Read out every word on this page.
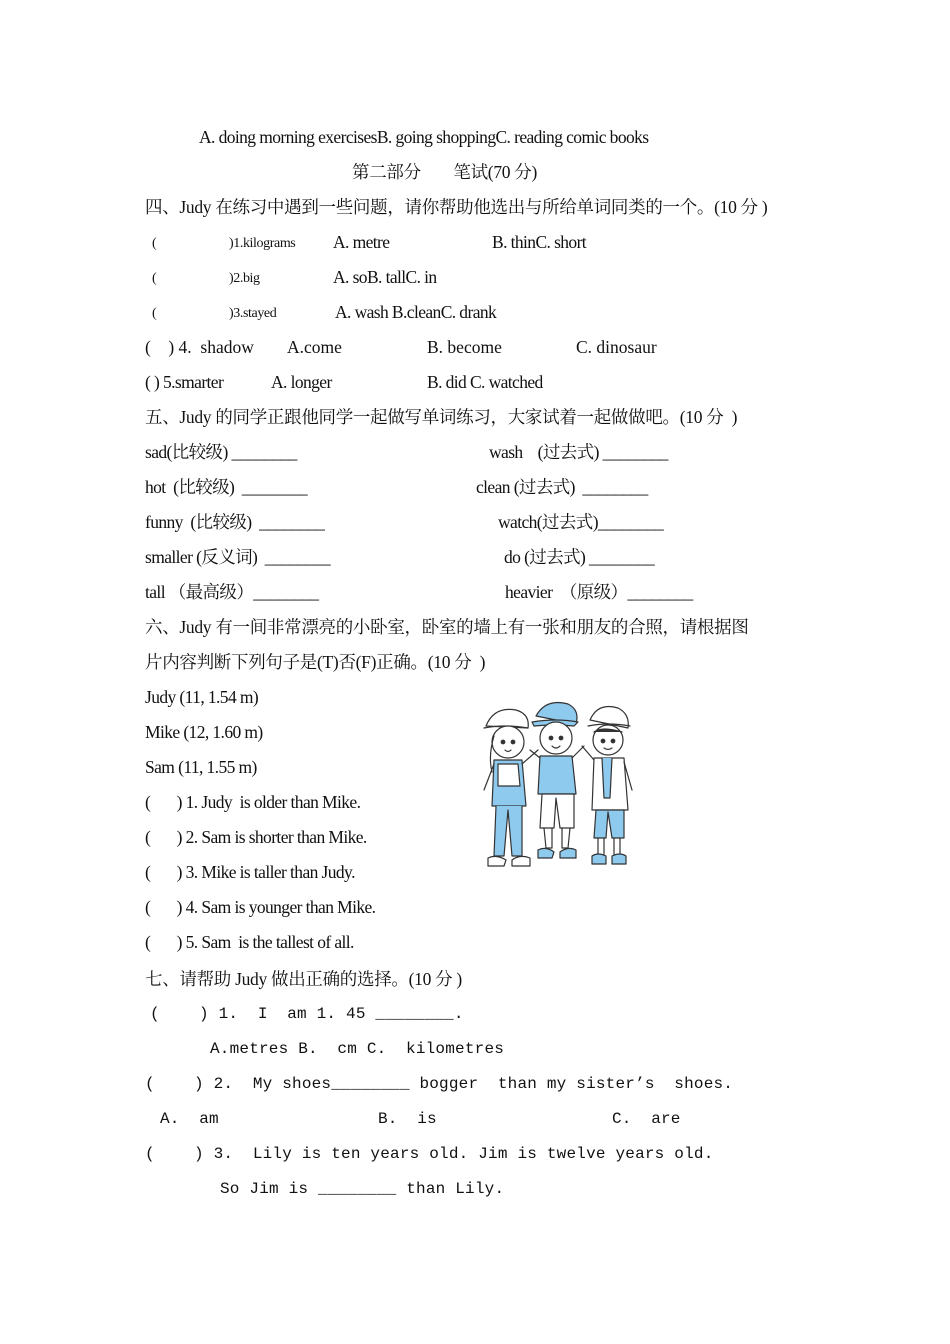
A. doing morning exercisesB. going shoppingC. reading comic books
第二部分        笔试(70 分)
四、Judy 在练习中遇到一些问题，请你帮助他选出与所给单词同类的一个。(10 分 )
(	)1.kilograms A. metre	B. thinC. short
(	)2.big	A. soB. tallC. in
(	)3.stayed	A. wash B.cleanC. drank
(    ) 4.  shadow A.come	B. become	C. dinosaur
( ) 5.smarter	A. longer	B. did C. watched
五、Judy 的同学正跟他同学一起做写单词练习，大家试着一起做做吧。(10 分  )
sad(比较级) ________	wash    (过去式) ________
hot  (比较级)  ________	clean (过去式)  ________
funny  (比较级)  ________	watch(过去式)________
smaller (反义词)  ________	do (过去式) ________
tall （最高级）________	heavier  （原级）________
六、Judy 有一间非常漂亮的小卧室，卧室的墙上有一张和朋友的合照，请根据图
片内容判断下列句子是(T)否(F)正确。(10 分  )
Judy (11, 1.54 m)
Mike (12, 1.60 m)
Sam (11, 1.55 m)
(       ) 1. Judy  is older than Mike.
(       ) 2. Sam is shorter than Mike.
(       ) 3. Mike is taller than Judy.
(       ) 4. Sam is younger than Mike.
(       ) 5. Sam  is the tallest of all.
七、请帮助 Judy 做出正确的选择。(10 分 )
(    ) 1.  I  am 1. 45 ________.
A.metres B.  cm C.  kilometres
(    ) 2.  My shoes________ bogger  than my sister’s  shoes.
A.  am	B.  is	C.  are
(    ) 3.  Lily is ten years old. Jim is twelve years old.
So Jim is ________ than Lily.
